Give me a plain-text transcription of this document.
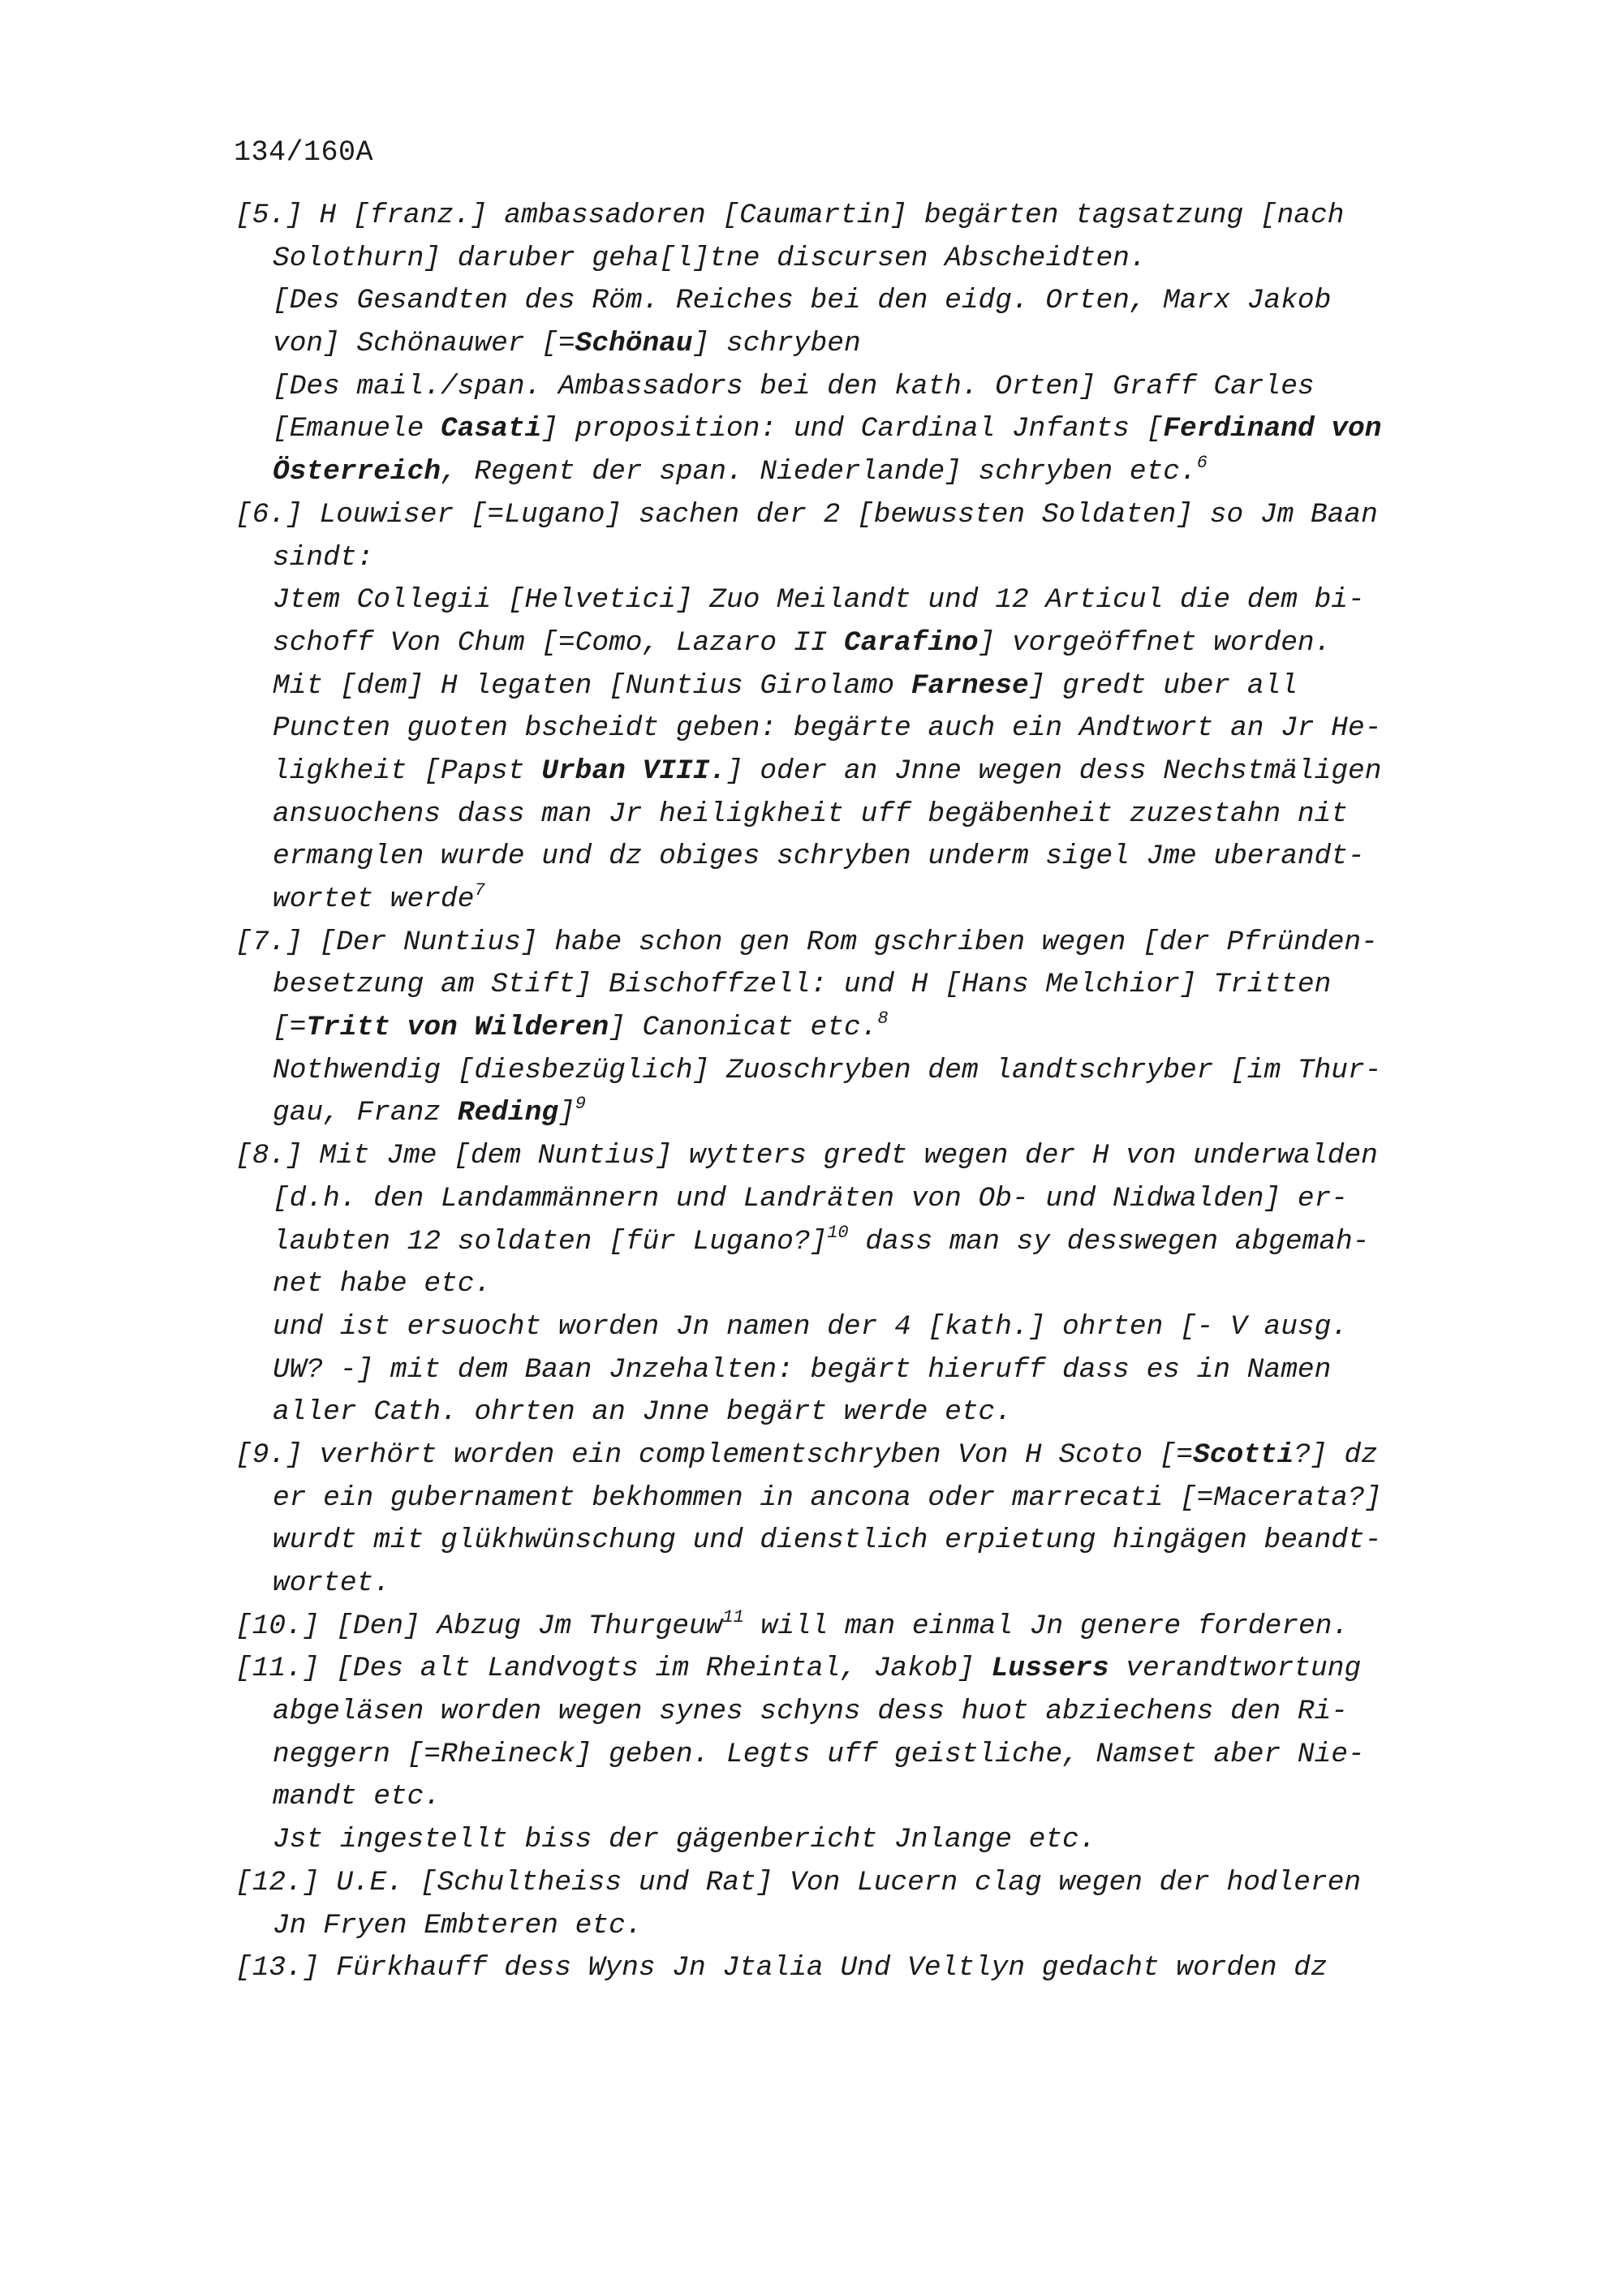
134/160A
[5.] H [franz.] ambassadoren [Caumartin] begärten tagsatzung [nach
Solothurn] daruber geha[l]tne discursen Abscheidten.
[Des Gesandten des Röm. Reiches bei den eidg. Orten, Marx Jakob
von] Schönauwer [=Schönau] schryben
[Des mail./span. Ambassadors bei den kath. Orten] Graff Carles
[Emanuele Casati] proposition: und Cardinal Jnfants [Ferdinand von
Österreich, Regent der span. Niederlande] schryben etc.$^6$
[6.] Louwiser [=Lugano] sachen der 2 [bewussten Soldaten] so Jm Baan
sindt:
Jtem Collegii [Helvetici] Zuo Meilandt und 12 Articul die dem bi-
schoff Von Chum [=Como, Lazaro II Carafino] vorgeöffnet worden.
Mit [dem] H legaten [Nuntius Girolamo Farnese] gredt uber all
Puncten guoten bscheidt geben: begärte auch ein Andtwort an Jr He-
ligkheit [Papst Urban VIII.] oder an Jnne wegen dess Nechstmäligen
ansuochens dass man Jr heiligkheit uff begäbenheit zuzestahn nit
ermanglen wurde und dz obiges schryben underm sigel Jme uberandt-
wortet werde$^7$
[7.] [Der Nuntius] habe schon gen Rom gschriben wegen [der Pfründen-
besetzung am Stift] Bischoffzell: und H [Hans Melchior] Tritten
[=Tritt von Wilderen] Canonicat etc.$^8$
Nothwendig [diesbezüglich] Zuoschryben dem landtschryber [im Thur-
gau, Franz Reding]$^9$
[8.] Mit Jme [dem Nuntius] wytters gredt wegen der H von underwalden
[d.h. den Landammännern und Landräten von Ob- und Nidwalden] er-
laubten 12 soldaten [für Lugano?]$^{10}$ dass man sy desswegen abgemah-
net habe etc.
und ist ersuocht worden Jn namen der 4 [kath.] ohrten [- V ausg.
UW? -] mit dem Baan Jnzehalten: begärt hieruff dass es in Namen
aller Cath. ohrten an Jnne begärt werde etc.
[9.] verhört worden ein complementschryben Von H Scoto [=Scotti?] dz
er ein gubernament bekhommen in ancona oder marrecati [=Macerata?]
wurdt mit glükhwünschung und dienstlich erpietung hingägen beandt-
wortet.
[10.] [Den] Abzug Jm Thurgeuw$^{11}$ will man einmal Jn genere forderen.
[11.] [Des alt Landvogts im Rheintal, Jakob] Lussers verandtwortung
abgeläsen worden wegen synes schyns dess huot abziechens den Ri-
neggern [=Rheineck] geben. Legts uff geistliche, Namset aber Nie-
mandt etc.
Jst ingestellt biss der gägenbericht Jnlange etc.
[12.] U.E. [Schultheiss und Rat] Von Lucern clag wegen der hodleren
Jn Fryen Embteren etc.
[13.] Fürkhauff dess Wyns Jn Jtalia Und Veltlyn gedacht worden dz
